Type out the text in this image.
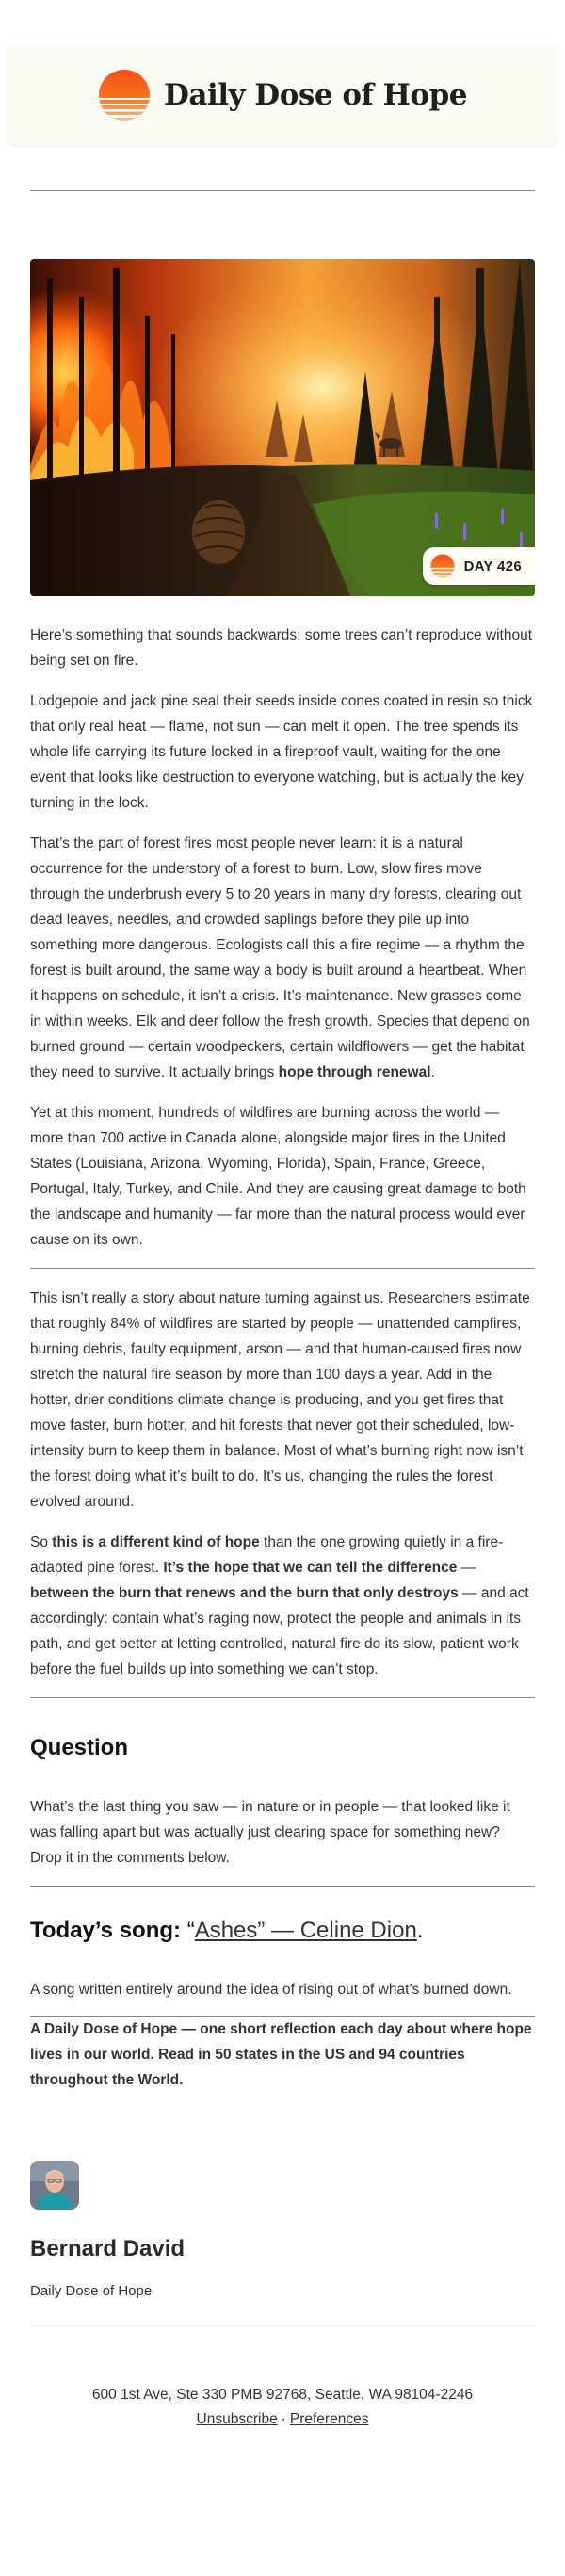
Daily Dose of Hope
DAY 426

Here’s something that sounds backwards: some trees can’t reproduce without being set on fire.

Lodgepole and jack pine seal their seeds inside cones coated in resin so thick that only real heat — flame, not sun — can melt it open. The tree spends its whole life carrying its future locked in a fireproof vault, waiting for the one event that looks like destruction to everyone watching, but is actually the key turning in the lock.

That’s the part of forest fires most people never learn: it is a natural occurrence for the understory of a forest to burn. Low, slow fires move through the underbrush every 5 to 20 years in many dry forests, clearing out dead leaves, needles, and crowded saplings before they pile up into something more dangerous. Ecologists call this a fire regime — a rhythm the forest is built around, the same way a body is built around a heartbeat. When it happens on schedule, it isn’t a crisis. It’s maintenance. New grasses come in within weeks. Elk and deer follow the fresh growth. Species that depend on burned ground — certain woodpeckers, certain wildflowers — get the habitat they need to survive. It actually brings hope through renewal.

Yet at this moment, hundreds of wildfires are burning across the world — more than 700 active in Canada alone, alongside major fires in the United States (Louisiana, Arizona, Wyoming, Florida), Spain, France, Greece, Portugal, Italy, Turkey, and Chile. And they are causing great damage to both the landscape and humanity — far more than the natural process would ever cause on its own.

This isn’t really a story about nature turning against us. Researchers estimate that roughly 84% of wildfires are started by people — unattended campfires, burning debris, faulty equipment, arson — and that human-caused fires now stretch the natural fire season by more than 100 days a year. Add in the hotter, drier conditions climate change is producing, and you get fires that move faster, burn hotter, and hit forests that never got their scheduled, low-intensity burn to keep them in balance. Most of what’s burning right now isn’t the forest doing what it’s built to do. It’s us, changing the rules the forest evolved around.

So this is a different kind of hope than the one growing quietly in a fire-adapted pine forest. It’s the hope that we can tell the difference — between the burn that renews and the burn that only destroys — and act accordingly: contain what’s raging now, protect the people and animals in its path, and get better at letting controlled, natural fire do its slow, patient work before the fuel builds up into something we can’t stop.

Question

What’s the last thing you saw — in nature or in people — that looked like it was falling apart but was actually just clearing space for something new? Drop it in the comments below.

Today’s song: “Ashes” — Celine Dion.

A song written entirely around the idea of rising out of what’s burned down.

A Daily Dose of Hope — one short reflection each day about where hope lives in our world. Read in 50 states in the US and 94 countries throughout the World.

Bernard David
Daily Dose of Hope
600 1st Ave, Ste 330 PMB 92768, Seattle, WA 98104-2246
Unsubscribe · Preferences
